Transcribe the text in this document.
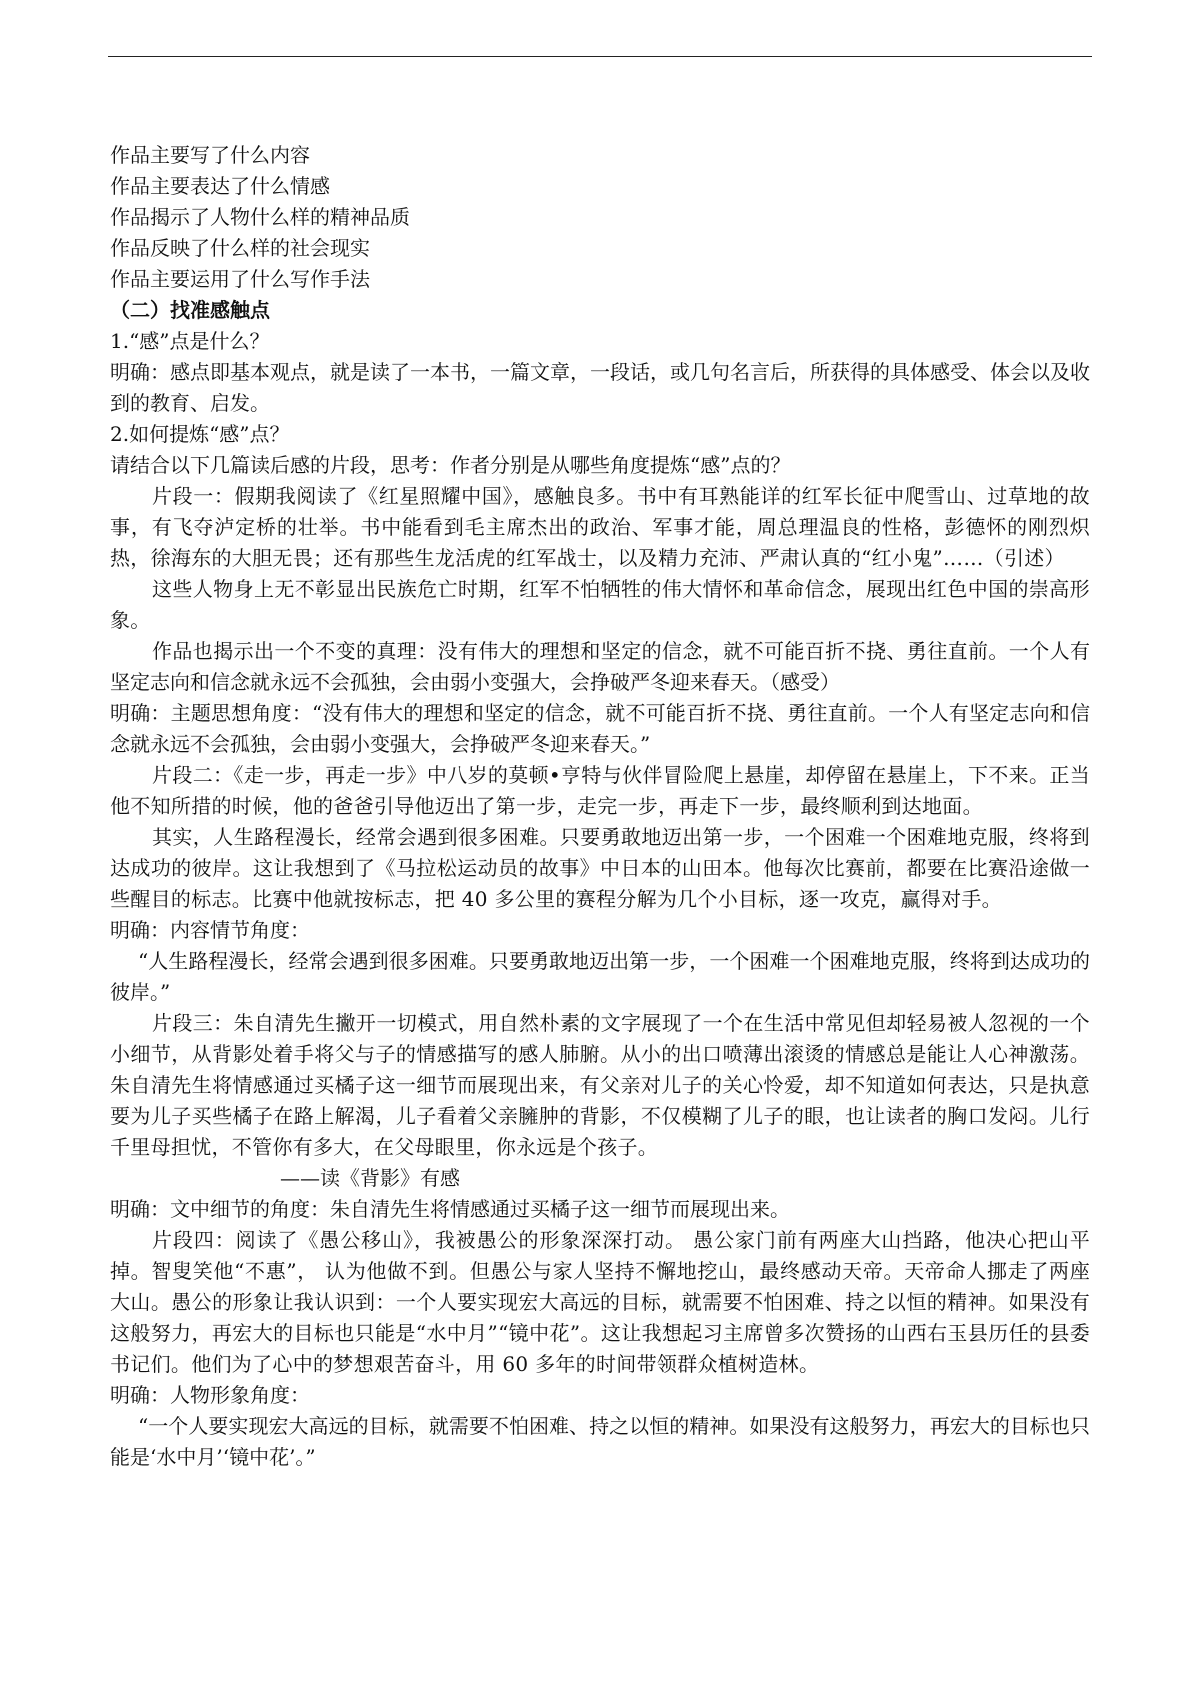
作品主要写了什么内容

作品主要表达了什么情感

作品揭示了人物什么样的精神品质

作品反映了什么样的社会现实

作品主要运用了什么写作手法

（二）找准感触点

1.“感”点是什么？

明确：感点即基本观点，就是读了一本书，一篇文章，一段话，或几句名言后，所获得的具体感受、体会以及收到的教育、启发。

2.如何提炼“感”点？

请结合以下几篇读后感的片段，思考：作者分别是从哪些角度提炼“感”点的？

片段一：假期我阅读了《红星照耀中国》，感触良多。书中有耳熟能详的红军长征中爬雪山、过草地的故事，有飞夺泸定桥的壮举。书中能看到毛主席杰出的政治、军事才能，周总理温良的性格，彭德怀的刚烈炽热，徐海东的大胆无畏；还有那些生龙活虎的红军战士，以及精力充沛、严肃认真的“红小鬼”……（引述）

这些人物身上无不彰显出民族危亡时期，红军不怕牺牲的伟大情怀和革命信念，展现出红色中国的崇高形象。

作品也揭示出一个不变的真理：没有伟大的理想和坚定的信念，就不可能百折不挠、勇往直前。一个人有坚定志向和信念就永远不会孤独，会由弱小变强大，会挣破严冬迎来春天。（感受）

明确：主题思想角度：“没有伟大的理想和坚定的信念，就不可能百折不挠、勇往直前。一个人有坚定志向和信念就永远不会孤独，会由弱小变强大，会挣破严冬迎来春天。”

片段二：《走一步，再走一步》中八岁的莫顿•亨特与伙伴冒险爬上悬崖，却停留在悬崖上，下不来。正当他不知所措的时候，他的爸爸引导他迈出了第一步，走完一步，再走下一步，最终顺利到达地面。

其实，人生路程漫长，经常会遇到很多困难。只要勇敢地迈出第一步，一个困难一个困难地克服，终将到达成功的彼岸。这让我想到了《马拉松运动员的故事》中日本的山田本。他每次比赛前，都要在比赛沿途做一些醒目的标志。比赛中他就按标志，把 40 多公里的赛程分解为几个小目标，逐一攻克，赢得对手。

明确：内容情节角度：

“人生路程漫长，经常会遇到很多困难。只要勇敢地迈出第一步，一个困难一个困难地克服，终将到达成功的彼岸。”

片段三：朱自清先生撇开一切模式，用自然朴素的文字展现了一个在生活中常见但却轻易被人忽视的一个小细节，从背影处着手将父与子的情感描写的感人肺腑。从小的出口喷薄出滚烫的情感总是能让人心神激荡。朱自清先生将情感通过买橘子这一细节而展现出来，有父亲对儿子的关心怜爱，却不知道如何表达，只是执意要为儿子买些橘子在路上解渴，儿子看着父亲臃肿的背影，不仅模糊了儿子的眼，也让读者的胸口发闷。儿行千里母担忧，不管你有多大，在父母眼里，你永远是个孩子。

——读《背影》有感

明确：文中细节的角度：朱自清先生将情感通过买橘子这一细节而展现出来。

片段四：阅读了《愚公移山》，我被愚公的形象深深打动。 愚公家门前有两座大山挡路，他决心把山平掉。智叟笑他“不惠”， 认为他做不到。但愚公与家人坚持不懈地挖山，最终感动天帝。天帝命人挪走了两座大山。愚公的形象让我认识到：一个人要实现宏大高远的目标，就需要不怕困难、持之以恒的精神。如果没有这般努力，再宏大的目标也只能是“水中月”“镜中花”。这让我想起习主席曾多次赞扬的山西右玉县历任的县委书记们。他们为了心中的梦想艰苦奋斗，用 60 多年的时间带领群众植树造林。

明确：人物形象角度：

“一个人要实现宏大高远的目标，就需要不怕困难、持之以恒的精神。如果没有这般努力，再宏大的目标也只能是‘水中月’‘镜中花’。”
